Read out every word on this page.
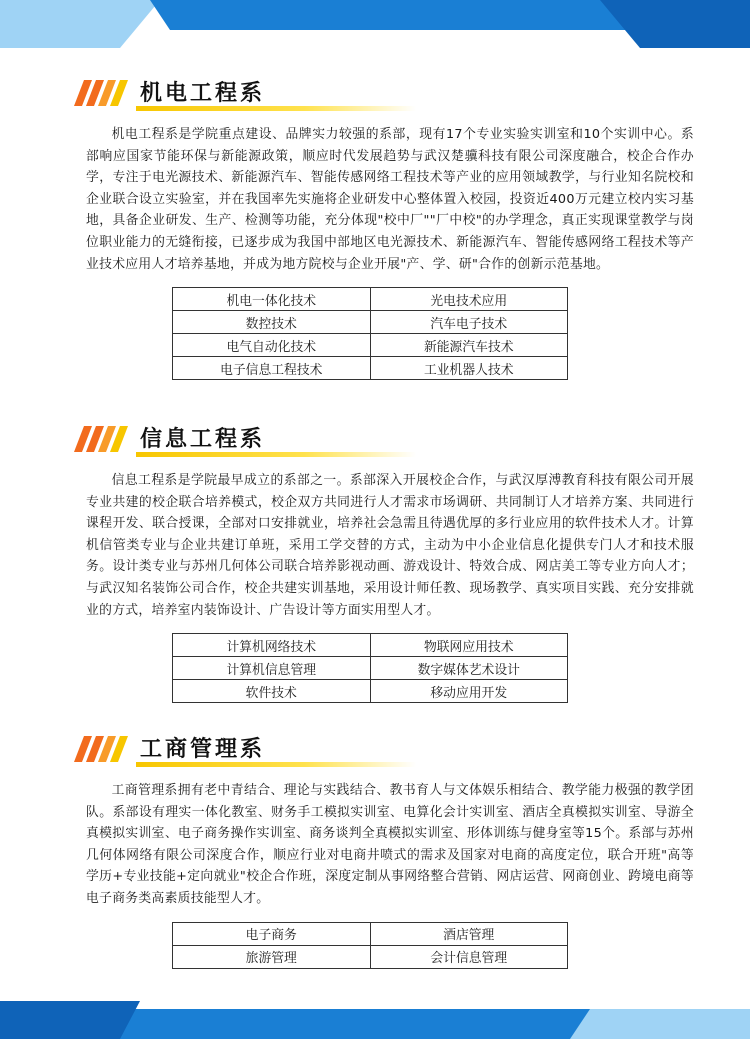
机电工程系

机电工程系是学院重点建设、品牌实力较强的系部，现有17个专业实验实训室和10个实训中心。系部响应国家节能环保与新能源政策，顺应时代发展趋势与武汉楚骥科技有限公司深度融合，校企合作办学，专注于电光源技术、新能源汽车、智能传感网络工程技术等产业的应用领域教学，与行业知名院校和企业联合设立实验室，并在我国率先实施将企业研发中心整体置入校园，投资近400万元建立校内实习基地，具备企业研发、生产、检测等功能，充分体现"校中厂""厂中校"的办学理念，真正实现课堂教学与岗位职业能力的无缝衔接，已逐步成为我国中部地区电光源技术、新能源汽车、智能传感网络工程技术等产业技术应用人才培养基地，并成为地方院校与企业开展"产、学、研"合作的创新示范基地。

机电一体化技术	光电技术应用
数控技术	汽车电子技术
电气自动化技术	新能源汽车技术
电子信息工程技术	工业机器人技术
信息工程系

信息工程系是学院最早成立的系部之一。系部深入开展校企合作，与武汉厚溥教育科技有限公司开展专业共建的校企联合培养模式，校企双方共同进行人才需求市场调研、共同制订人才培养方案、共同进行课程开发、联合授课，全部对口安排就业，培养社会急需且待遇优厚的多行业应用的软件技术人才。计算机信管类专业与企业共建订单班，采用工学交替的方式，主动为中小企业信息化提供专门人才和技术服务。设计类专业与苏州几何体公司联合培养影视动画、游戏设计、特效合成、网店美工等专业方向人才；与武汉知名装饰公司合作，校企共建实训基地，采用设计师任教、现场教学、真实项目实践、充分安排就业的方式，培养室内装饰设计、广告设计等方面实用型人才。

计算机网络技术	物联网应用技术
计算机信息管理	数字媒体艺术设计
软件技术	移动应用开发
工商管理系

工商管理系拥有老中青结合、理论与实践结合、教书育人与文体娱乐相结合、教学能力极强的教学团队。系部设有理实一体化教室、财务手工模拟实训室、电算化会计实训室、酒店全真模拟实训室、导游全真模拟实训室、电子商务操作实训室、商务谈判全真模拟实训室、形体训练与健身室等15个。系部与苏州几何体网络有限公司深度合作，顺应行业对电商井喷式的需求及国家对电商的高度定位，联合开班"高等学历+专业技能+定向就业"校企合作班，深度定制从事网络整合营销、网店运营、网商创业、跨境电商等电子商务类高素质技能型人才。

电子商务	酒店管理
旅游管理	会计信息管理
